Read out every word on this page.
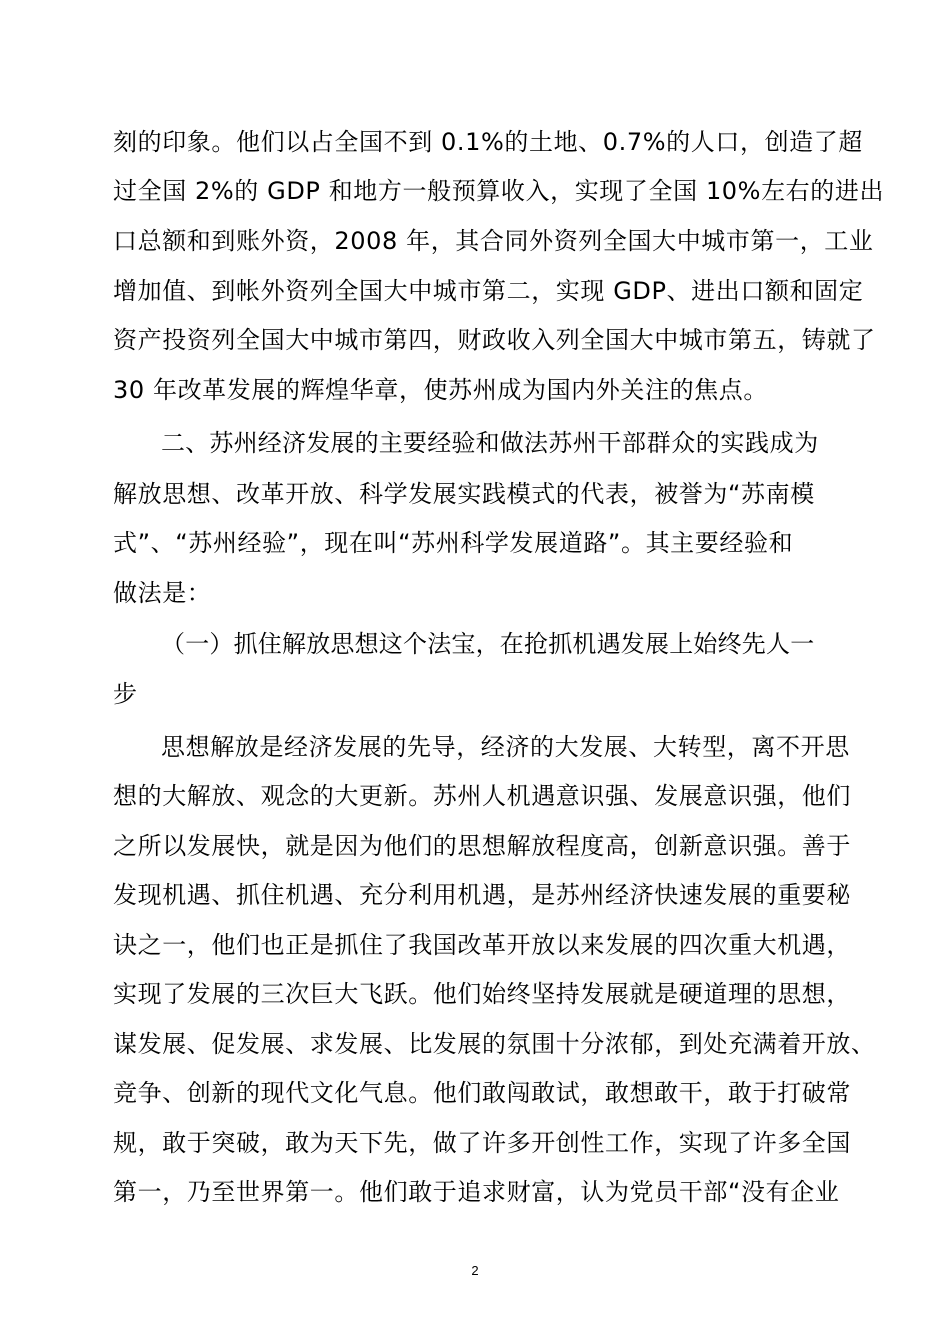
刻的印象。他们以占全国不到 0.1%的土地、0.7%的人口，创造了超
过全国 2%的 GDP 和地方一般预算收入，实现了全国 10%左右的进出
口总额和到账外资，2008 年，其合同外资列全国大中城市第一，工业
增加值、到帐外资列全国大中城市第二，实现 GDP、进出口额和固定
资产投资列全国大中城市第四，财政收入列全国大中城市第五，铸就了
30 年改革发展的辉煌华章，使苏州成为国内外关注的焦点。
二、苏州经济发展的主要经验和做法苏州干部群众的实践成为
解放思想、改革开放、科学发展实践模式的代表，被誉为“苏南模
式”、“苏州经验”，现在叫“苏州科学发展道路”。其主要经验和
做法是：
（一）抓住解放思想这个法宝，在抢抓机遇发展上始终先人一
步
思想解放是经济发展的先导，经济的大发展、大转型，离不开思
想的大解放、观念的大更新。苏州人机遇意识强、发展意识强，他们
之所以发展快，就是因为他们的思想解放程度高，创新意识强。善于
发现机遇、抓住机遇、充分利用机遇，是苏州经济快速发展的重要秘
诀之一，他们也正是抓住了我国改革开放以来发展的四次重大机遇，
实现了发展的三次巨大飞跃。他们始终坚持发展就是硬道理的思想，
谋发展、促发展、求发展、比发展的氛围十分浓郁，到处充满着开放、
竞争、创新的现代文化气息。他们敢闯敢试，敢想敢干，敢于打破常
规，敢于突破，敢为天下先，做了许多开创性工作，实现了许多全国
第一，乃至世界第一。他们敢于追求财富，认为党员干部“没有企业
2
